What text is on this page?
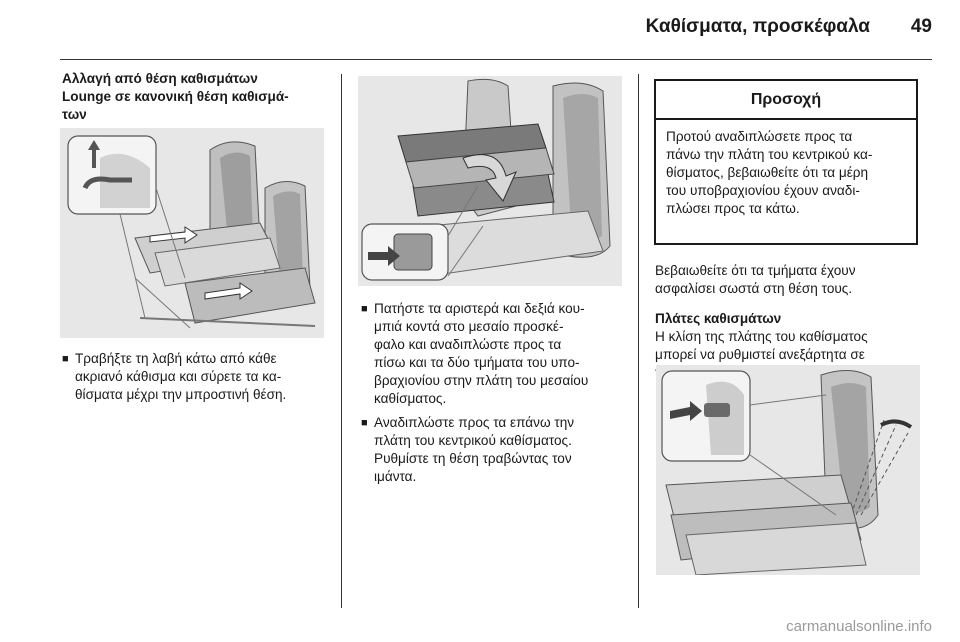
Καθίσματα, προσκέφαλα	49

Αλλαγή από θέση καθισμάτων
Lounge σε κανονική θέση καθισμά-
των

■ Τραβήξτε τη λαβή κάτω από κάθε
ακριανό κάθισμα και σύρετε τα κα-
θίσματα μέχρι την μπροστινή θέση.
■ Πατήστε τα αριστερά και δεξιά κου-
μπιά κοντά στο μεσαίο προσκέ-
φαλο και αναδιπλώστε προς τα
πίσω και τα δύο τμήματα του υπο-
βραχιονίου στην πλάτη του μεσαίου
καθίσματος.
■ Αναδιπλώστε προς τα επάνω την
πλάτη του κεντρικού καθίσματος.
Ρυθμίστε τη θέση τραβώντας τον
ιμάντα.
Προσοχή
Προτού αναδιπλώσετε προς τα
πάνω την πλάτη του κεντρικού κα-
θίσματος, βεβαιωθείτε ότι τα μέρη
του υποβραχιονίου έχουν αναδι-
πλώσει προς τα κάτω.
Βεβαιωθείτε ότι τα τμήματα έχουν
ασφαλίσει σωστά στη θέση τους.
Πλάτες καθισμάτων
Η κλίση της πλάτης του καθίσματος
μπορεί να ρυθμιστεί ανεξάρτητα σε
carmanualsonline.info
